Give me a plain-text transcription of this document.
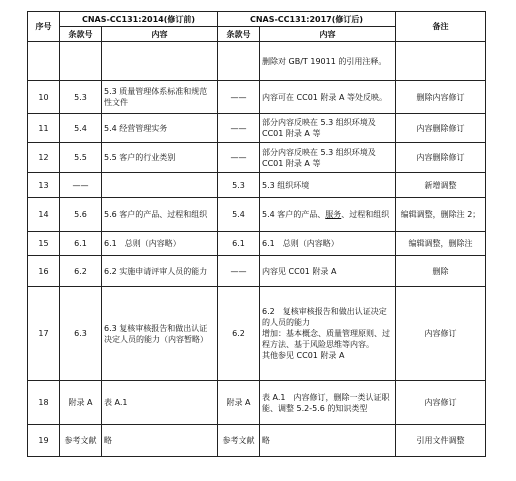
序号	CNAS-CC131:2014(修订前)		CNAS-CC131:2017(修订后)		备注
	条款号	内容	条款号	内容	
				删除对 GB/T 19011 的引用注释。	
10	5.3	5.3 质量管理体系标准和规范性文件	——	内容可在 CC01 附录 A 等处反映。	删除内容修订
11	5.4	5.4 经营管理实务	——	部分内容反映在 5.3 组织环境及 CC01 附录 A 等	内容删除修订
12	5.5	5.5 客户的行业类别	——	部分内容反映在 5.3 组织环境及 CC01 附录 A 等	内容删除修订
13	——		5.3	5.3 组织环境	新增调整
14	5.6	5.6 客户的产品、过程和组织	5.4	5.4 客户的产品、服务、过程和组织	编辑调整，删除注 2；
15	6.1	6.1　总则（内容略）	6.1	6.1　总则（内容略）	编辑调整，删除注
16	6.2	6.2 实施申请评审人员的能力	——	内容见 CC01 附录 A	删除
17	6.3	6.3 复核审核报告和做出认证决定人员的能力（内容暂略）	6.2	6.2　复核审核报告和做出认证决定的人员的能力
增加：基本概念、质量管理原则、过程方法、基于风险思维等内容。
其他参见 CC01 附录 A	内容修订
18	附录 A	表 A.1	附录 A	表 A.1　内容修订，删除一类认证职能、调整 5.2-5.6 的知识类型	内容修订
19	参考文献	略	参考文献	略	引用文件调整
